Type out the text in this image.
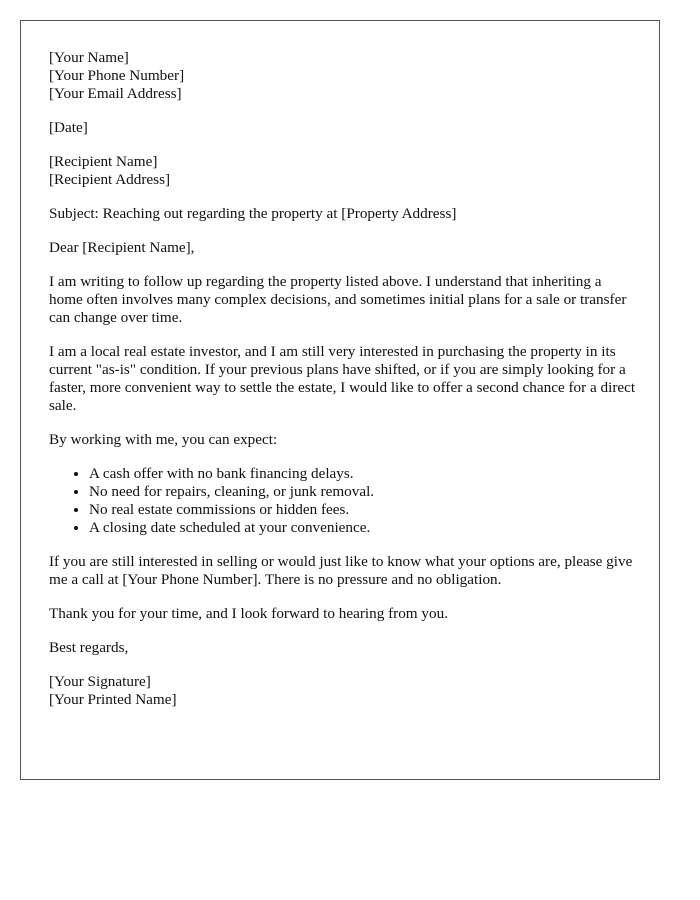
[Your Name]
[Your Phone Number]
[Your Email Address]
[Date]
[Recipient Name]
[Recipient Address]

Subject: Reaching out regarding the property at [Property Address]

Dear [Recipient Name],

I am writing to follow up regarding the property listed above. I understand that inheriting a home often involves many complex decisions, and sometimes initial plans for a sale or transfer can change over time.

I am a local real estate investor, and I am still very interested in purchasing the property in its current "as-is" condition. If your previous plans have shifted, or if you are simply looking for a faster, more convenient way to settle the estate, I would like to offer a second chance for a direct sale.

By working with me, you can expect:

• A cash offer with no bank financing delays.
• No need for repairs, cleaning, or junk removal.
• No real estate commissions or hidden fees.
• A closing date scheduled at your convenience.

If you are still interested in selling or would just like to know what your options are, please give me a call at [Your Phone Number]. There is no pressure and no obligation.

Thank you for your time, and I look forward to hearing from you.

Best regards,

[Your Signature]
[Your Printed Name]
